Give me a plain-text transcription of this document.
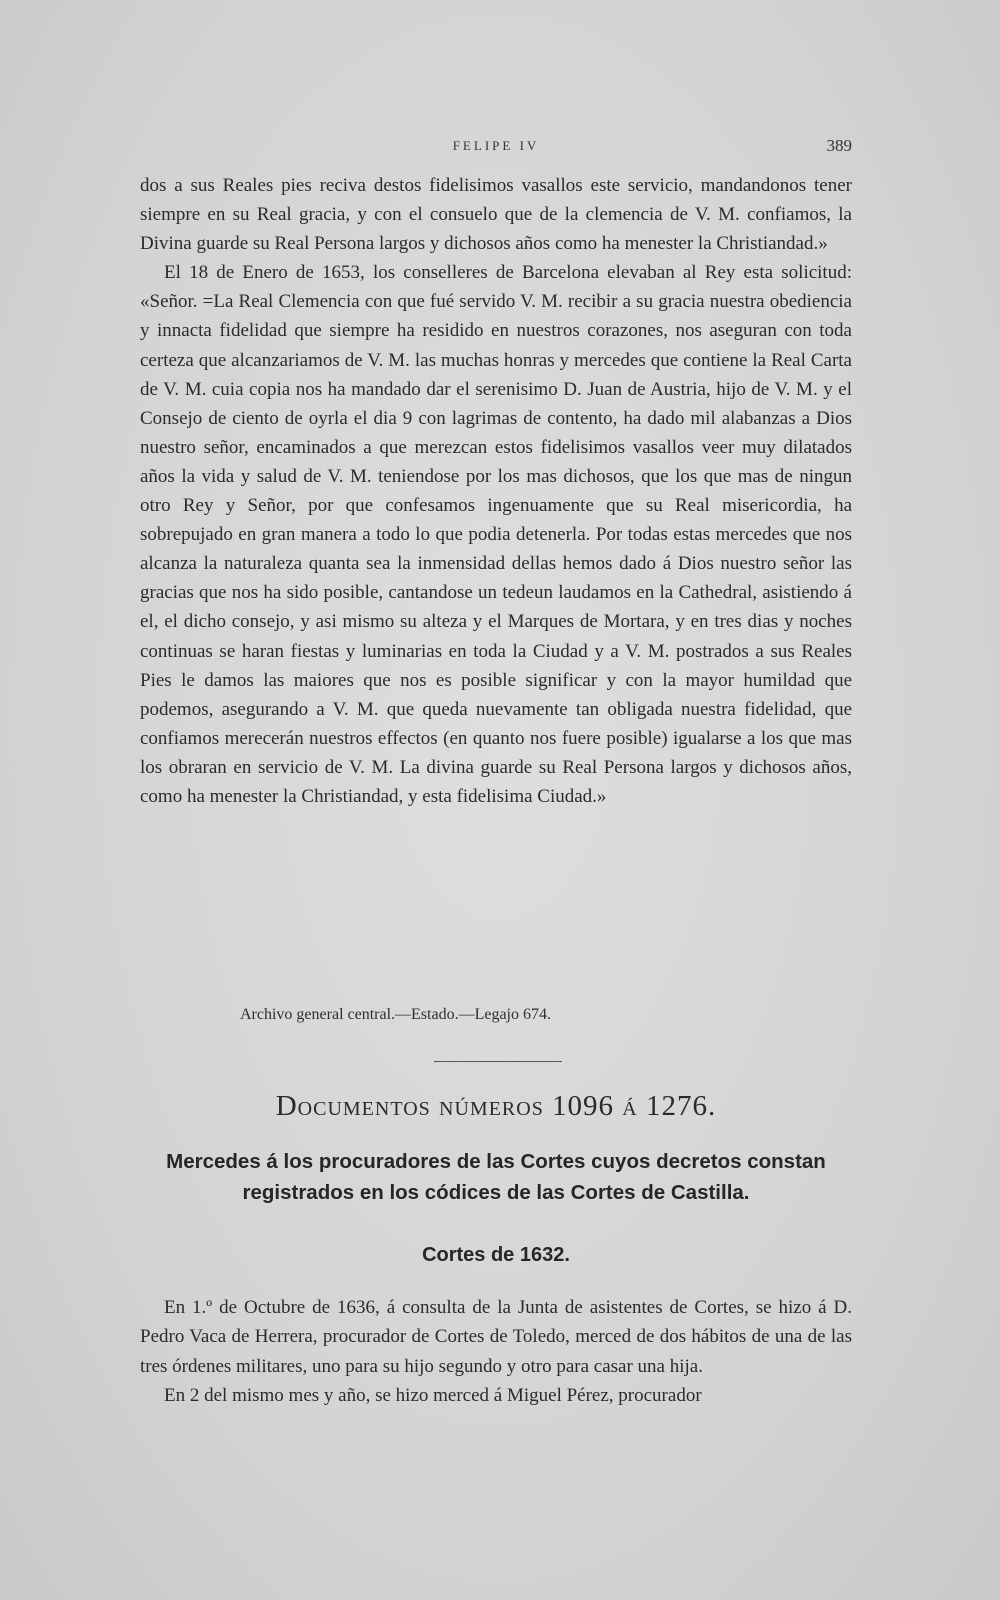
FELIPE IV	389

dos a sus Reales pies reciva destos fidelisimos vasallos este servicio, mandandonos tener siempre en su Real gracia, y con el consuelo que de la clemencia de V. M. confiamos, la Divina guarde su Real Persona largos y dichosos años como ha menester la Christiandad.»

El 18 de Enero de 1653, los conselleres de Barcelona elevaban al Rey esta solicitud: «Señor. =La Real Clemencia con que fué servido V. M. recibir a su gracia nuestra obediencia y innacta fidelidad que siempre ha residido en nuestros corazones, nos aseguran con toda certeza que alcanzariamos de V. M. las muchas honras y mercedes que contiene la Real Carta de V. M. cuia copia nos ha mandado dar el serenisimo D. Juan de Austria, hijo de V. M. y el Consejo de ciento de oyrla el dia 9 con lagrimas de contento, ha dado mil alabanzas a Dios nuestro señor, encaminados a que merezcan estos fidelisimos vasallos veer muy dilatados años la vida y salud de V. M. teniendose por los mas dichosos, que los que mas de ningun otro Rey y Señor, por que confesamos ingenuamente que su Real misericordia, ha sobrepujado en gran manera a todo lo que podia detenerla. Por todas estas mercedes que nos alcanza la naturaleza quanta sea la inmensidad dellas hemos dado á Dios nuestro señor las gracias que nos ha sido posible, cantandose un tedeun laudamos en la Cathedral, asistiendo á el, el dicho consejo, y asi mismo su alteza y el Marques de Mortara, y en tres dias y noches continuas se haran fiestas y luminarias en toda la Ciudad y a V. M. postrados a sus Reales Pies le damos las maiores que nos es posible significar y con la mayor humildad que podemos, asegurando a V. M. que queda nuevamente tan obligada nuestra fidelidad, que confiamos merecerán nuestros effectos (en quanto nos fuere posible) igualarse a los que mas los obraran en servicio de V. M. La divina guarde su Real Persona largos y dichosos años, como ha menester la Christiandad, y esta fidelisima Ciudad.»

Archivo general central.—Estado.—Legajo 674.
Documentos números 1096 á 1276.
Mercedes á los procuradores de las Cortes cuyos decretos constan registrados en los códices de las Cortes de Castilla.
Cortes de 1632.

En 1.º de Octubre de 1636, á consulta de la Junta de asistentes de Cortes, se hizo á D. Pedro Vaca de Herrera, procurador de Cortes de Toledo, merced de dos hábitos de una de las tres órdenes militares, uno para su hijo segundo y otro para casar una hija.

En 2 del mismo mes y año, se hizo merced á Miguel Pérez, procurador
